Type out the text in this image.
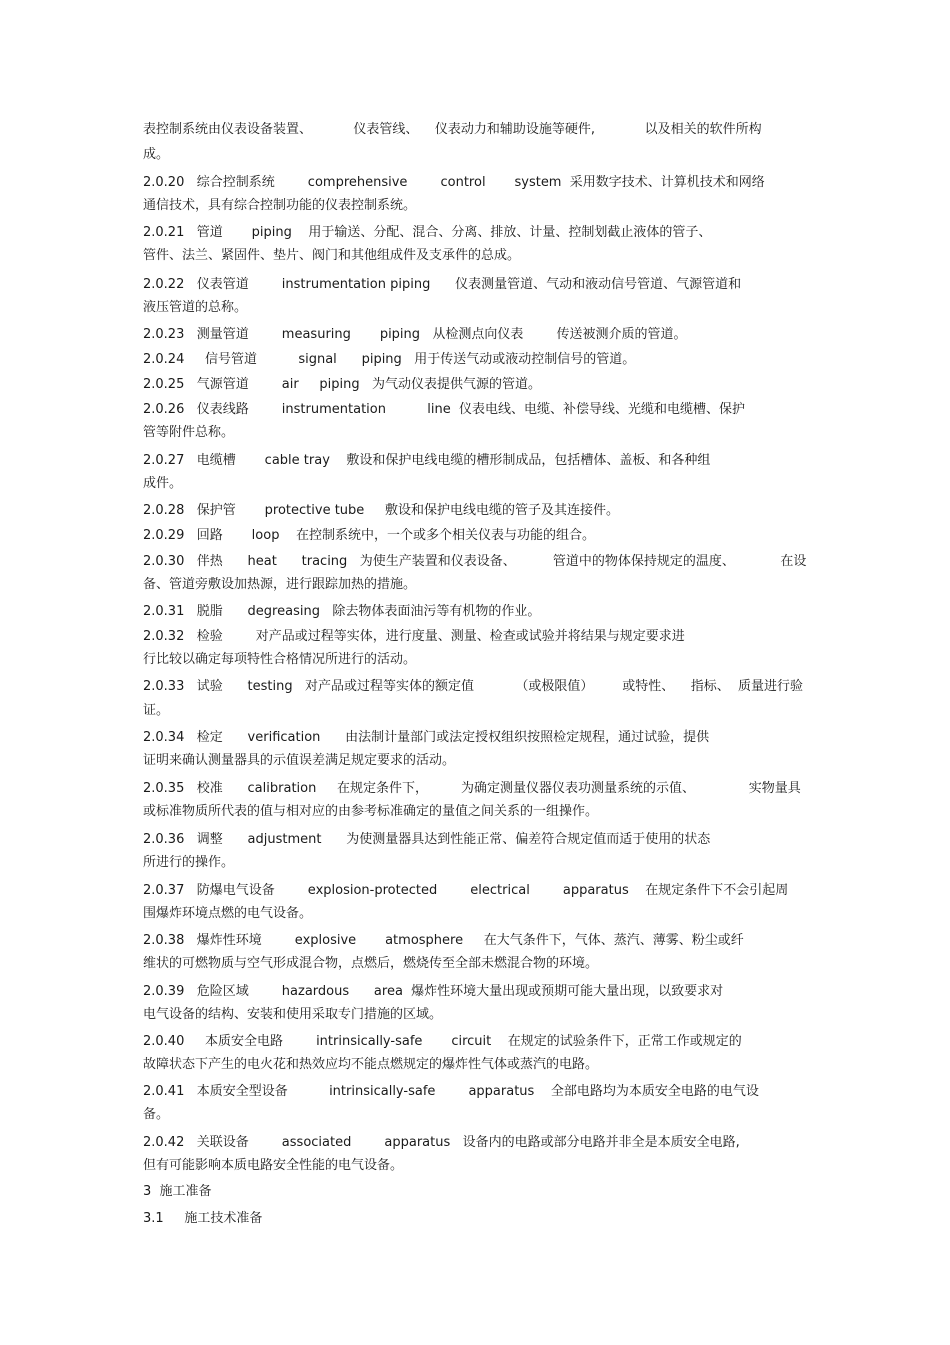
表控制系统由仪表设备装置、          仪表管线、    仪表动力和辅助设施等硬件,            以及相关的软件所构
成。
2.0.20   综合控制系统        comprehensive        control       system  采用数字技术、计算机技术和网络
通信技术，具有综合控制功能的仪表控制系统。
2.0.21   管道       piping    用于输送、分配、混合、分离、排放、计量、控制划截止液体的管子、
管件、法兰、紧固件、垫片、阀门和其他组成件及支承件的总成。
2.0.22   仪表管道        instrumentation piping      仪表测量管道、气动和液动信号管道、气源管道和
液压管道的总称。
2.0.23   测量管道        measuring       piping   从检测点向仪表        传送被测介质的管道。
2.0.24     信号管道          signal      piping   用于传送气动或液动控制信号的管道。
2.0.25   气源管道        air     piping   为气动仪表提供气源的管道。
2.0.26   仪表线路        instrumentation          line  仪表电线、电缆、补偿导线、光缆和电缆槽、保护
管等附件总称。
2.0.27   电缆槽       cable tray    敷设和保护电线电缆的槽形制成品，包括槽体、盖板、和各种组
成件。
2.0.28   保护管       protective tube     敷设和保护电线电缆的管子及其连接件。
2.0.29   回路       loop    在控制系统中，一个或多个相关仪表与功能的组合。
2.0.30   伴热      heat      tracing   为使生产装置和仪表设备、         管道中的物体保持规定的温度、           在设
备、管道旁敷设加热源，进行跟踪加热的措施。
2.0.31   脱脂      degreasing   除去物体表面油污等有机物的作业。
2.0.32   检验        对产品或过程等实体，进行度量、测量、检查或试验并将结果与规定要求进
行比较以确定每项特性合格情况所进行的活动。
2.0.33   试验      testing   对产品或过程等实体的额定值          （或极限值）       或特性、    指标、  质量进行验
证。
2.0.34   检定      verification      由法制计量部门或法定授权组织按照检定规程，通过试验，提供
证明来确认测量器具的示值误差满足规定要求的活动。
2.0.35   校准      calibration     在规定条件下，        为确定测量仪器仪表功测量系统的示值、             实物量具
或标准物质所代表的值与相对应的由参考标准确定的量值之间关系的一组操作。
2.0.36   调整      adjustment      为使测量器具达到性能正常、偏差符合规定值而适于使用的状态
所进行的操作。
2.0.37   防爆电气设备        explosion-protected        electrical        apparatus    在规定条件下不会引起周
围爆炸环境点燃的电气设备。
2.0.38   爆炸性环境        explosive       atmosphere     在大气条件下，气体、蒸汽、薄雾、粉尘或纤
维状的可燃物质与空气形成混合物，点燃后，燃烧传至全部未燃混合物的环境。
2.0.39   危险区域        hazardous      area  爆炸性环境大量出现或预期可能大量出现，以致要求对
电气设备的结构、安装和使用采取专门措施的区域。
2.0.40     本质安全电路        intrinsically-safe       circuit    在规定的试验条件下，正常工作或规定的
故障状态下产生的电火花和热效应均不能点燃规定的爆炸性气体或蒸汽的电路。
2.0.41   本质安全型设备          intrinsically-safe        apparatus    全部电路均为本质安全电路的电气设
备。
2.0.42   关联设备        associated        apparatus   设备内的电路或部分电路并非全是本质安全电路,
但有可能影响本质电路安全性能的电气设备。
3  施工准备
3.1     施工技术准备
